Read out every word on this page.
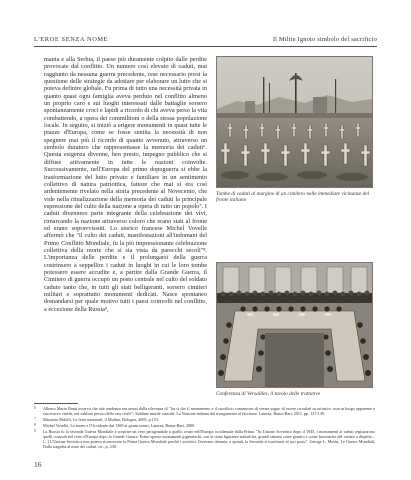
L'EROE SENZA NOME	Il Milite Ignoto simbolo del sacrificio

mania e alla Serbia, il paese più duramente colpito dalle perdite provocate dal conflitto. Un numero così elevato di caduti, mai raggiunto da nessuna guerra precedente, rese necessario porsi la questione delle strategie da adottare per elaborare un lutto che si poteva definire globale. Fu prima di tutto una necessità privata in quanto quasi ogni famiglia aveva perduto nel conflitto almeno un proprio caro e sui luoghi interessati dalle battaglie sorsero spontaneamente croci e lapidi a ricordo di chi aveva perso la vita combattendo, a opera dei commilitoni o della stessa popolazione locale. In seguito, si iniziò a erigere monumenti in quasi tutte le piazze d'Europa, come se fosse sentita la necessità di non spegnere mai più il ricordo di quanto avvenuto, attraverso un simbolo duraturo che rappresentasse la memoria dei caduti⁶. Questa esigenza divenne, ben presto, impegno pubblico che si diffuse attivamente in tutte le nazioni coinvolte. Successivamente, nell'Europa del primo dopoguerra si ebbe la trasformazione del lutto privato e familiare in un sentimento collettivo di natura patriottica, fattore che mai si era così ardentemente rivelato nella storia precedente al Novecento, che vide nella ritualizzazione della memoria dei caduti la principale espressione del culto della nazione a opera di tutto un popolo⁷. I caduti divennero parte integrante della celebrazione dei vivi, rimarcando la nazione attraverso coloro che erano stati al fronte ed erano sopravvissuti. Lo storico francese Michel Vovelle affermò che "il culto dei caduti, manifestazioni all'indomani del Primo Conflitto Mondiale, fu la più impressionante celebrazione collettiva della morte che si sia vista da parecchi secoli"⁸. L'importanza delle perdite e il prolungarsi della guerra costrinsero a seppellire i caduti in luoghi in cui le loro tombe potessero essere accudite e, a partire dalla Grande Guerra, il Cimitero di guerra occupò un posto centrale nel culto del soldato caduto tanto che, in tutti gli stati belligeranti, sorsero cimiteri militari e soprattutto monumenti dedicati. Nasce spontaneo domandarsi per quale motivo tutti i paesi coinvolti nel conflitto, a eccezione della Russia⁹,

Tombe di caduti al margine di un cimitero nelle immediate vicinanze del fronte italiano
Conferenza di Versailles, il tavolo delle trattative
6	Alberto Mario Banti osserva che tale tendenza era ormai dalla rilevanza di "far sì che il monumento e il sacrificio consentono di creare sogno di essere ricordati su un'unico icon in luogo apparente e successivo vinciti, nei sublimi presso dello vita civile"; Sublime inutile custode. La Nazione italiana dal risorgimento al fascismo, Laterza, Roma-Bari, 2011, pp. 137-139.
7	Maurizio Ridolfi, Le feste nazionali, il Mulino, Bologna, 2003, p.153.
8	Michel Vovelle, La morte e l'Occidente dal 1300 ai giorni nostri, Laterza, Roma-Bari, 2000.
9	La Russia fu la seconda Guerra Mondiale a scoprire un vero paragonabile a quello avuto nell'Europa occidentale dalla Prima. "In Unione Sovietica dopo il 1945, i monumenti ai caduti registrarono quelli costruiti nel resto d'Europa dopo la Grande Guerra. Erano spesso monumenti giganteschi, con la cinta figurante statistiche, grandi sistemi come granito e come fuoriuscite del vietato a dispetto... [...] L'Unione Sovietica non poteva riconoscere la Prima Guerra Mondiale perché i sovietici l'avevano ritenuta, e quindi, la Seconda si trasformò al suo posto". George L. Mosse, Le Guerre Mondiali, Dalla tragedia al mito dei caduti, cit., p. 230.
16
